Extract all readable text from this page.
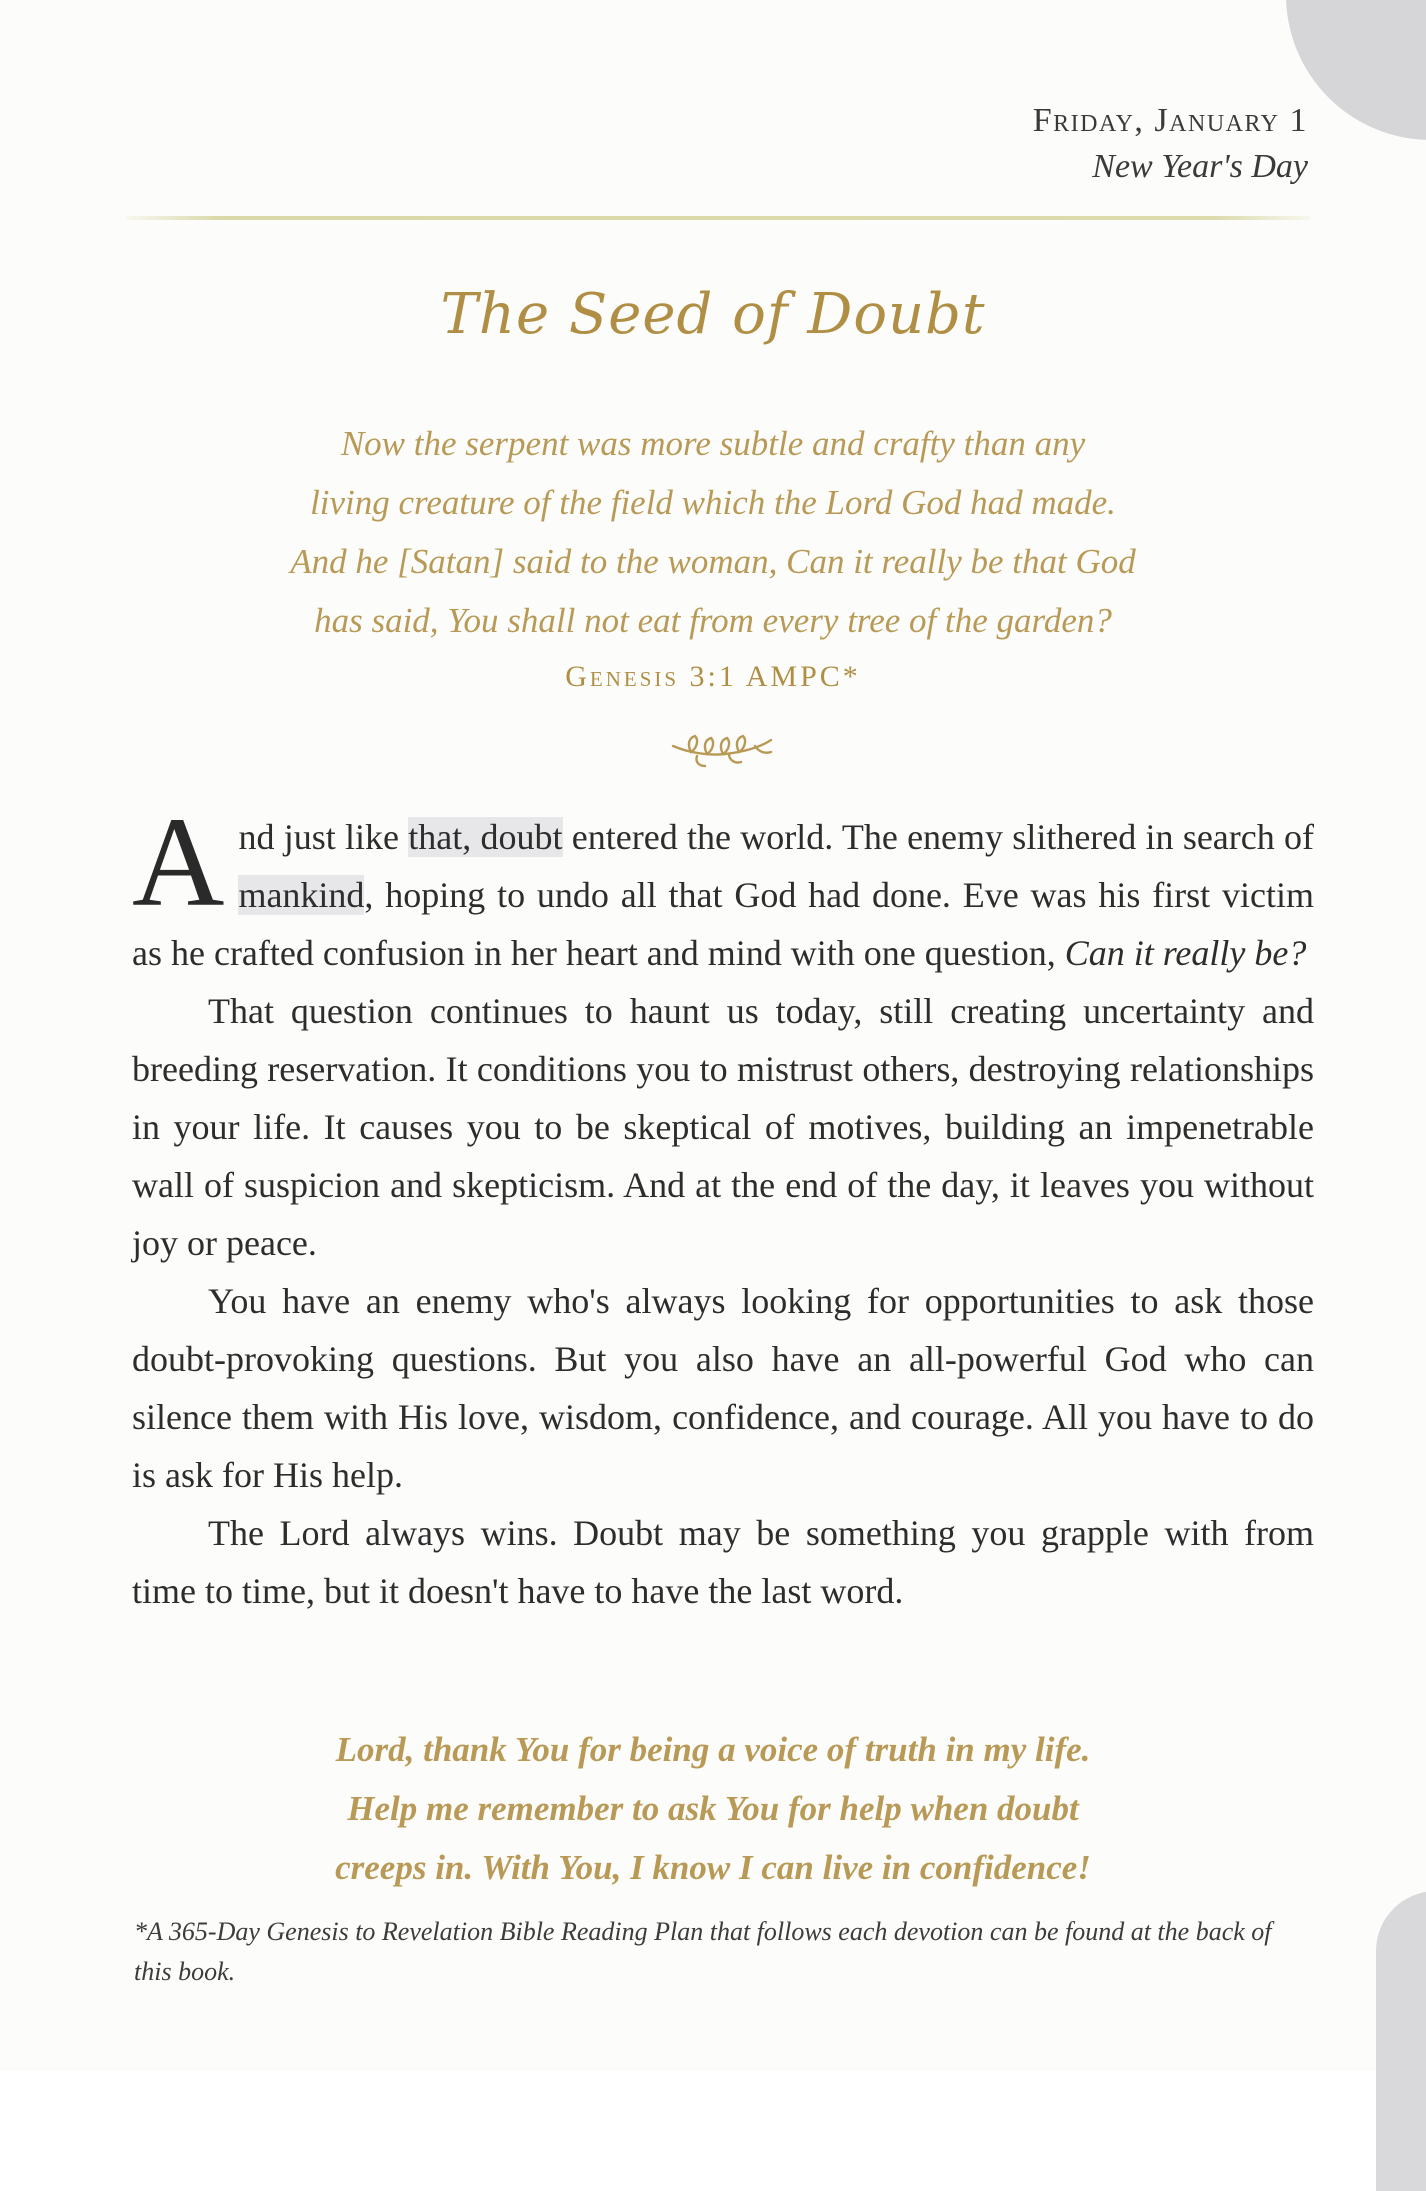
Friday, January 1
New Year's Day
The Seed of Doubt
Now the serpent was more subtle and crafty than any
living creature of the field which the Lord God had made.
And he [Satan] said to the woman, Can it really be that God
has said, You shall not eat from every tree of the garden?
Genesis 3:1 AMPC*

And just like that, doubt entered the world. The enemy slithered in search of mankind, hoping to undo all that God had done. Eve was his first victim as he crafted confusion in her heart and mind with one question, Can it really be?

That question continues to haunt us today, still creating uncertainty and breeding reservation. It conditions you to mistrust others, destroying relationships in your life. It causes you to be skeptical of motives, building an impenetrable wall of suspicion and skepticism. And at the end of the day, it leaves you without joy or peace.

You have an enemy who's always looking for opportunities to ask those doubt-provoking questions. But you also have an all-powerful God who can silence them with His love, wisdom, confidence, and courage. All you have to do is ask for His help.

The Lord always wins. Doubt may be something you grapple with from time to time, but it doesn't have to have the last word.

Lord, thank You for being a voice of truth in my life.
Help me remember to ask You for help when doubt
creeps in. With You, I know I can live in confidence!
*A 365-Day Genesis to Revelation Bible Reading Plan that follows each devotion can be found at the back of this book.
